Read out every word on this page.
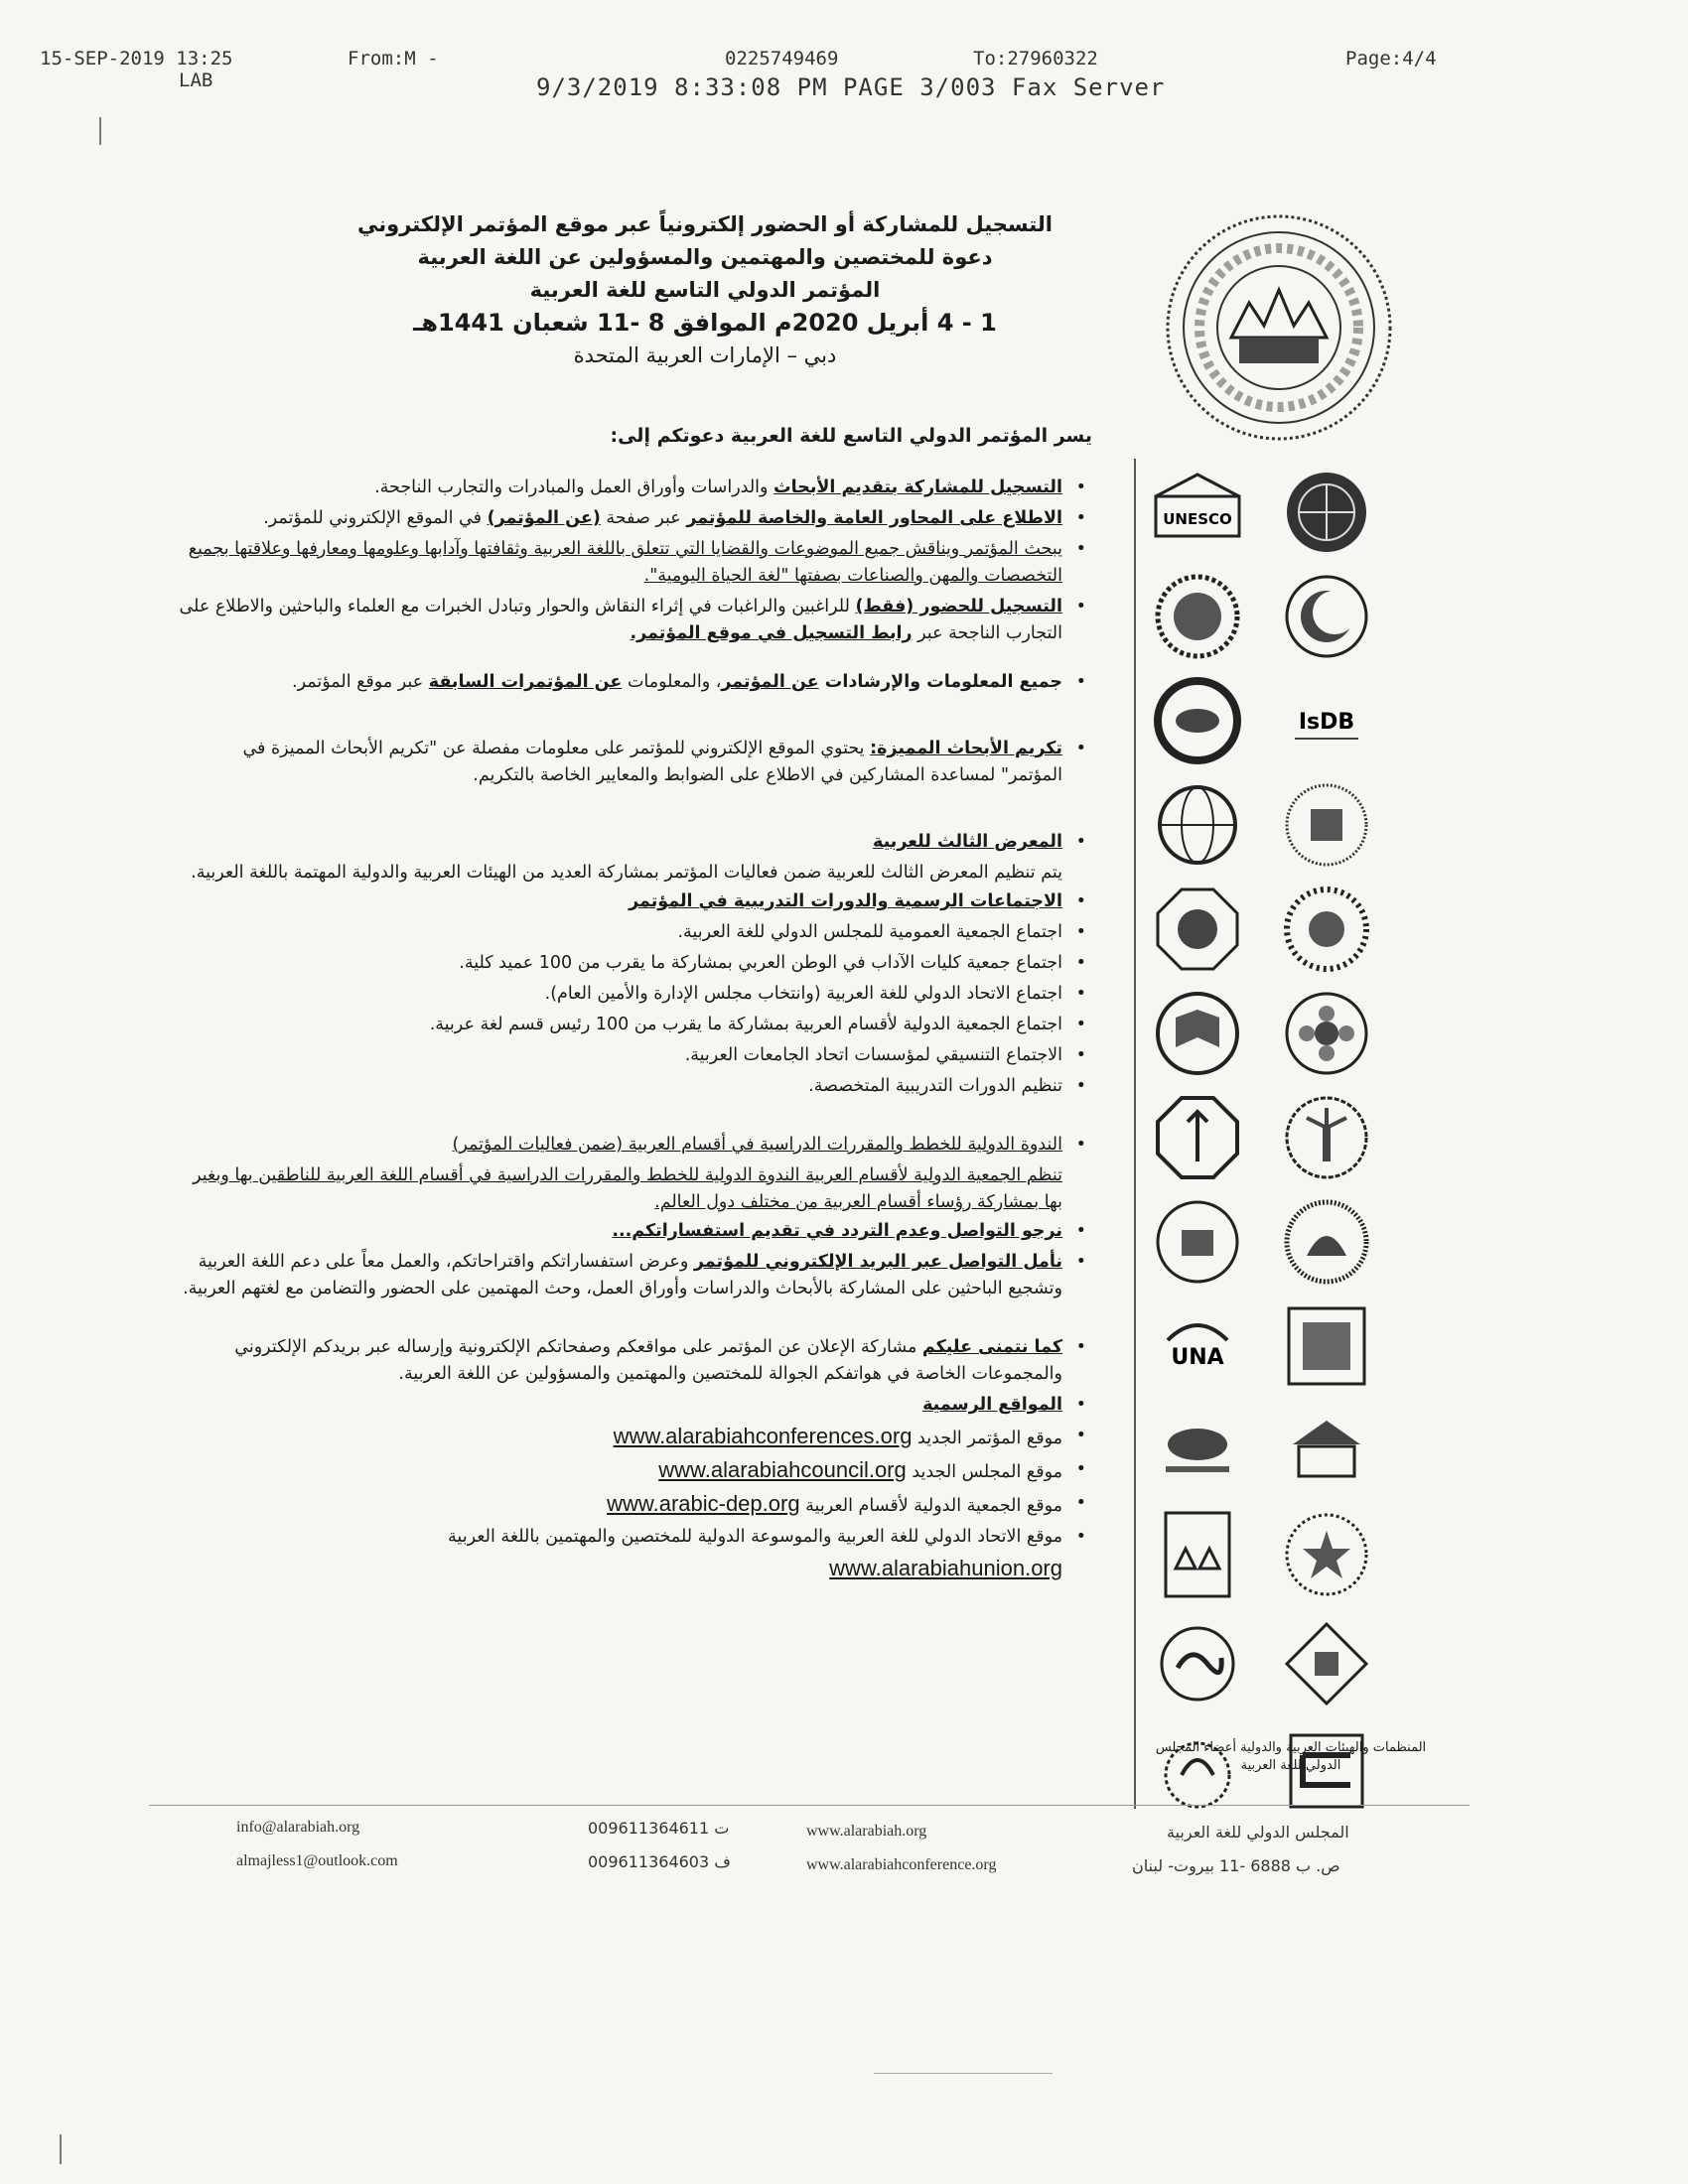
15-SEP-2019 13:25	From:M -	0225749469	To:27960322	Page:4/4
LAB	9/3/2019 8:33:08 PM PAGE 3/003 Fax Server
التسجيل للمشاركة أو الحضور إلكترونياً عبر موقع المؤتمر الإلكتروني
دعوة للمختصين والمهتمين والمسؤولين عن اللغة العربية
المؤتمر الدولي التاسع للغة العربية
1 - 4 أبريل 2020م الموافق 8 -11 شعبان 1441هـ
دبي – الإمارات العربية المتحدة
يسر المؤتمر الدولي التاسع للغة العربية دعوتكم إلى:
• التسجيل للمشاركة بتقديم الأبحاث والدراسات وأوراق العمل والمبادرات والتجارب الناجحة.
• الاطلاع على المحاور العامة والخاصة للمؤتمر عبر صفحة (عن المؤتمر) في الموقع الإلكتروني للمؤتمر.
• يبحث المؤتمر ويناقش جميع الموضوعات والقضايا التي تتعلق باللغة العربية وثقافتها وآدابها وعلومها ومعارفها وعلاقتها بجميع التخصصات والمهن والصناعات بصفتها "لغة الحياة اليومية".
• التسجيل للحضور (فقط) للراغبين والراغبات في إثراء النقاش والحوار وتبادل الخبرات مع العلماء والباحثين والاطلاع على التجارب الناجحة عبر رابط التسجيل في موقع المؤتمر.
• جميع المعلومات والإرشادات عن المؤتمر، والمعلومات عن المؤتمرات السابقة عبر موقع المؤتمر.
• تكريم الأبحاث المميزة: يحتوي الموقع الإلكتروني للمؤتمر على معلومات مفصلة عن "تكريم الأبحاث المميزة في المؤتمر" لمساعدة المشاركين في الاطلاع على الضوابط والمعايير الخاصة بالتكريم.
• المعرض الثالث للعربية
يتم تنظيم المعرض الثالث للعربية ضمن فعاليات المؤتمر بمشاركة العديد من الهيئات العربية والدولية المهتمة باللغة العربية.
• الاجتماعات الرسمية والدورات التدريبية في المؤتمر
• اجتماع الجمعية العمومية للمجلس الدولي للغة العربية.
• اجتماع جمعية كليات الآداب في الوطن العربي بمشاركة ما يقرب من 100 عميد كلية.
• اجتماع الاتحاد الدولي للغة العربية (وانتخاب مجلس الإدارة والأمين العام).
• اجتماع الجمعية الدولية لأقسام العربية بمشاركة ما يقرب من 100 رئيس قسم لغة عربية.
• الاجتماع التنسيقي لمؤسسات اتحاد الجامعات العربية.
• تنظيم الدورات التدريبية المتخصصة.
• الندوة الدولية للخطط والمقررات الدراسية في أقسام العربية (ضمن فعاليات المؤتمر)
تنظم الجمعية الدولية لأقسام العربية الندوة الدولية للخطط والمقررات الدراسية في أقسام اللغة العربية للناطقين بها وبغير بها بمشاركة رؤساء أقسام العربية من مختلف دول العالم.
• نرجو التواصل وعدم التردد في تقديم استفساراتكم...
• نأمل التواصل عبر البريد الإلكتروني للمؤتمر وعرض استفساراتكم واقتراحاتكم، والعمل معاً على دعم اللغة العربية وتشجيع الباحثين على المشاركة بالأبحاث والدراسات وأوراق العمل، وحث المهتمين على الحضور والتضامن مع لغتهم العربية.
• كما نتمنى عليكم مشاركة الإعلان عن المؤتمر على مواقعكم وصفحاتكم الإلكترونية وإرساله عبر بريدكم الإلكتروني والمجموعات الخاصة في هواتفكم الجوالة للمختصين والمهتمين والمسؤولين عن اللغة العربية.
• المواقع الرسمية
• موقع المؤتمر الجديد www.alarabiahconferences.org
• موقع المجلس الجديد www.alarabiahcouncil.org
• موقع الجمعية الدولية لأقسام العربية www.arabic-dep.org
• موقع الاتحاد الدولي للغة العربية والموسوعة الدولية للمختصين والمهتمين باللغة العربية
www.alarabiahunion.org
UNESCO
IsDB
UNA
المنظمات والهيئات العربية والدولية أعضاء المجلس الدولي للغة العربية
info@alarabiah.org
almajless1@outlook.com
009611364611 ت
009611364603 ف
www.alarabiah.org
www.alarabiahconference.org
المجلس الدولي للغة العربية
ص. ب 6888 -11 بيروت- لبنان
